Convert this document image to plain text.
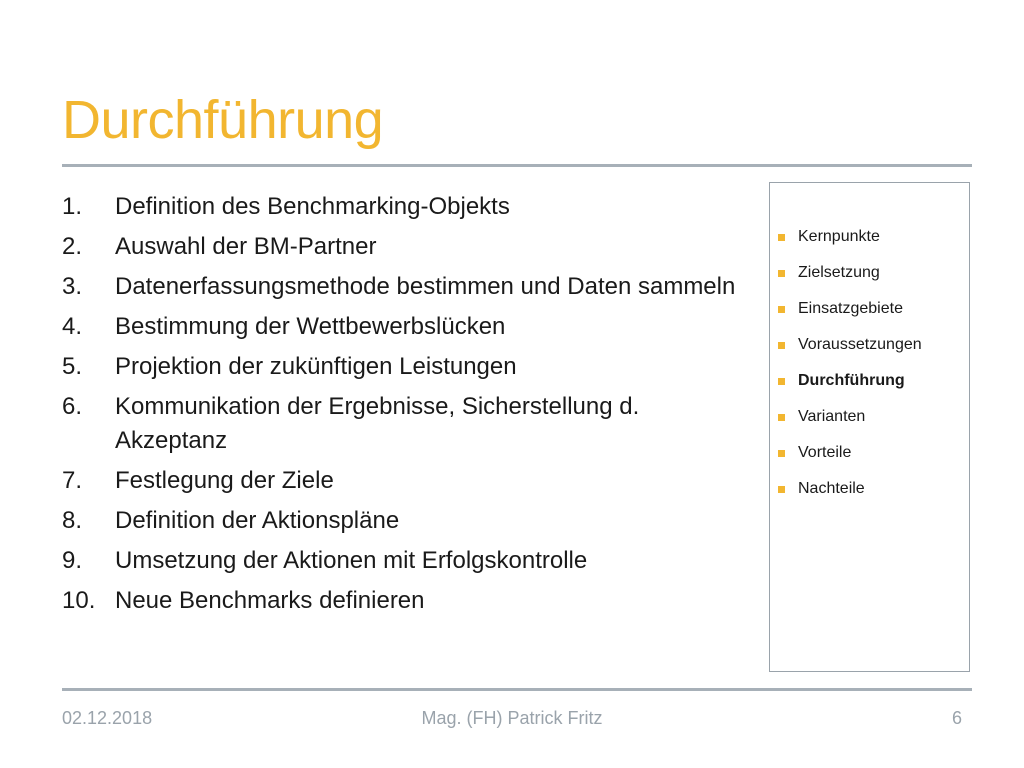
Durchführung
1.	Definition des Benchmarking-Objekts
2.	Auswahl der BM-Partner
3.	Datenerfassungsmethode bestimmen und Daten sammeln
4.	Bestimmung der Wettbewerbslücken
5.	Projektion der zukünftigen Leistungen
6.	Kommunikation der Ergebnisse, Sicherstellung d. Akzeptanz
7.	Festlegung der Ziele
8.	Definition der Aktionspläne
9.	Umsetzung der Aktionen mit Erfolgskontrolle
10. Neue Benchmarks definieren
Kernpunkte
Zielsetzung
Einsatzgebiete
Voraussetzungen
Durchführung
Varianten
Vorteile
Nachteile
Mag. (FH) Patrick Fritz
02.12.2018	6
